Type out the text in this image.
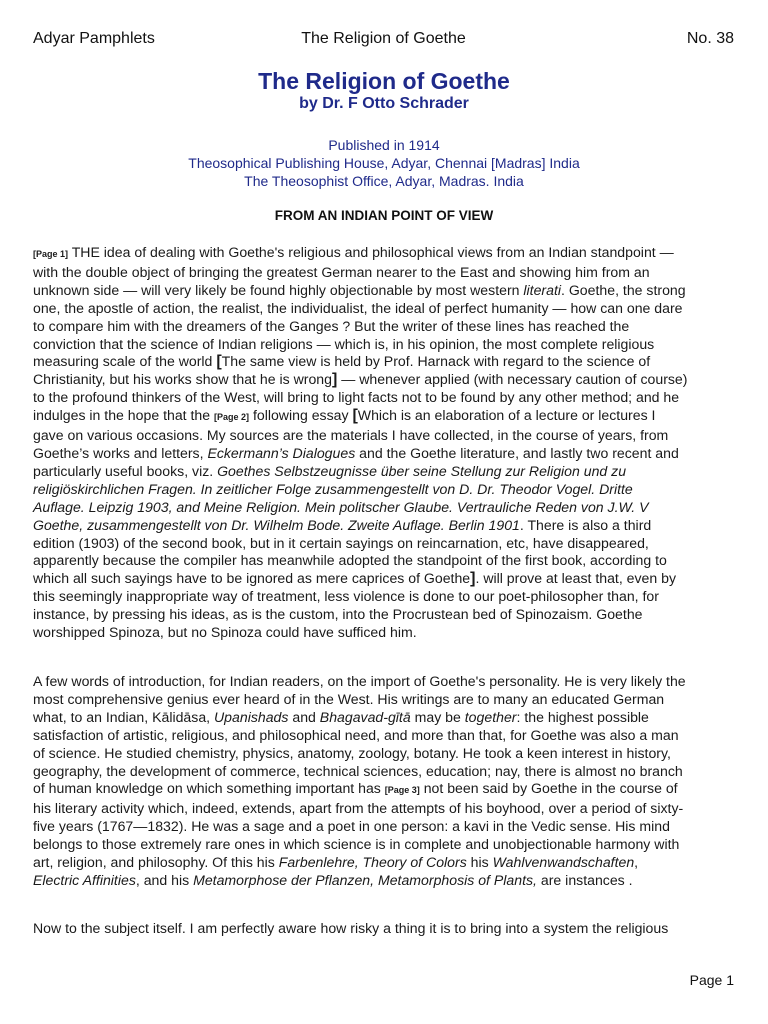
Adyar Pamphlets	The Religion of Goethe	No. 38
The Religion of Goethe
by Dr. F Otto Schrader
Published in 1914
Theosophical Publishing House, Adyar, Chennai [Madras] India
The Theosophist Office, Adyar, Madras. India
FROM AN INDIAN POINT OF VIEW
[Page 1] THE idea of dealing with Goethe's religious and philosophical views from an Indian standpoint —
with the double object of bringing the greatest German nearer to the East and showing him from an
unknown side — will very likely be found highly objectionable by most western literati. Goethe, the strong
one, the apostle of action, the realist, the individualist, the ideal of perfect humanity — how can one dare
to compare him with the dreamers of the Ganges ? But the writer of these lines has reached the
conviction that the science of Indian religions — which is, in his opinion, the most complete religious
measuring scale of the world [The same view is held by Prof. Harnack with regard to the science of
Christianity, but his works show that he is wrong] — whenever applied (with necessary caution of course)
to the profound thinkers of the West, will bring to light facts not to be found by any other method; and he
indulges in the hope that the [Page 2] following essay [Which is an elaboration of a lecture or lectures I
gave on various occasions. My sources are the materials I have collected, in the course of years, from
Goethe’s works and letters, Eckermann’s Dialogues and the Goethe literature, and lastly two recent and
particularly useful books, viz. Goethes Selbstzeugnisse über seine Stellung zur Religion und zu
religiöskirchlichen Fragen. In zeitlicher Folge zusammengestellt von D. Dr. Theodor Vogel. Dritte
Auflage. Leipzig 1903, and Meine Religion. Mein politscher Glaube. Vertrauliche Reden von J.W. V
Goethe, zusammengestellt von Dr. Wilhelm Bode. Zweite Auflage. Berlin 1901. There is also a third
edition (1903) of the second book, but in it certain sayings on reincarnation, etc, have disappeared,
apparently because the compiler has meanwhile adopted the standpoint of the first book, according to
which all such sayings have to be ignored as mere caprices of Goethe]. will prove at least that, even by
this seemingly inappropriate way of treatment, less violence is done to our poet-philosopher than, for
instance, by pressing his ideas, as is the custom, into the Procrustean bed of Spinozaism. Goethe
worshipped Spinoza, but no Spinoza could have sufficed him.
A few words of introduction, for Indian readers, on the import of Goethe's personality. He is very likely the
most comprehensive genius ever heard of in the West. His writings are to many an educated German
what, to an Indian, Kālidāsa, Upanishads and Bhagavad-gītā may be together: the highest possible
satisfaction of artistic, religious, and philosophical need, and more than that, for Goethe was also a man
of science. He studied chemistry, physics, anatomy, zoology, botany. He took a keen interest in history,
geography, the development of commerce, technical sciences, education; nay, there is almost no branch
of human knowledge on which something important has [Page 3] not been said by Goethe in the course of
his literary activity which, indeed, extends, apart from the attempts of his boyhood, over a period of sixty-
five years (1767—1832). He was a sage and a poet in one person: a kavi in the Vedic sense. His mind
belongs to those extremely rare ones in which science is in complete and unobjectionable harmony with
art, religion, and philosophy. Of this his Farbenlehre, Theory of Colors his Wahlvenwandschaften,
Electric Affinities, and his Metamorphose der Pflanzen, Metamorphosis of Plants, are instances .
Now to the subject itself. I am perfectly aware how risky a thing it is to bring into a system the religious
Page 1
